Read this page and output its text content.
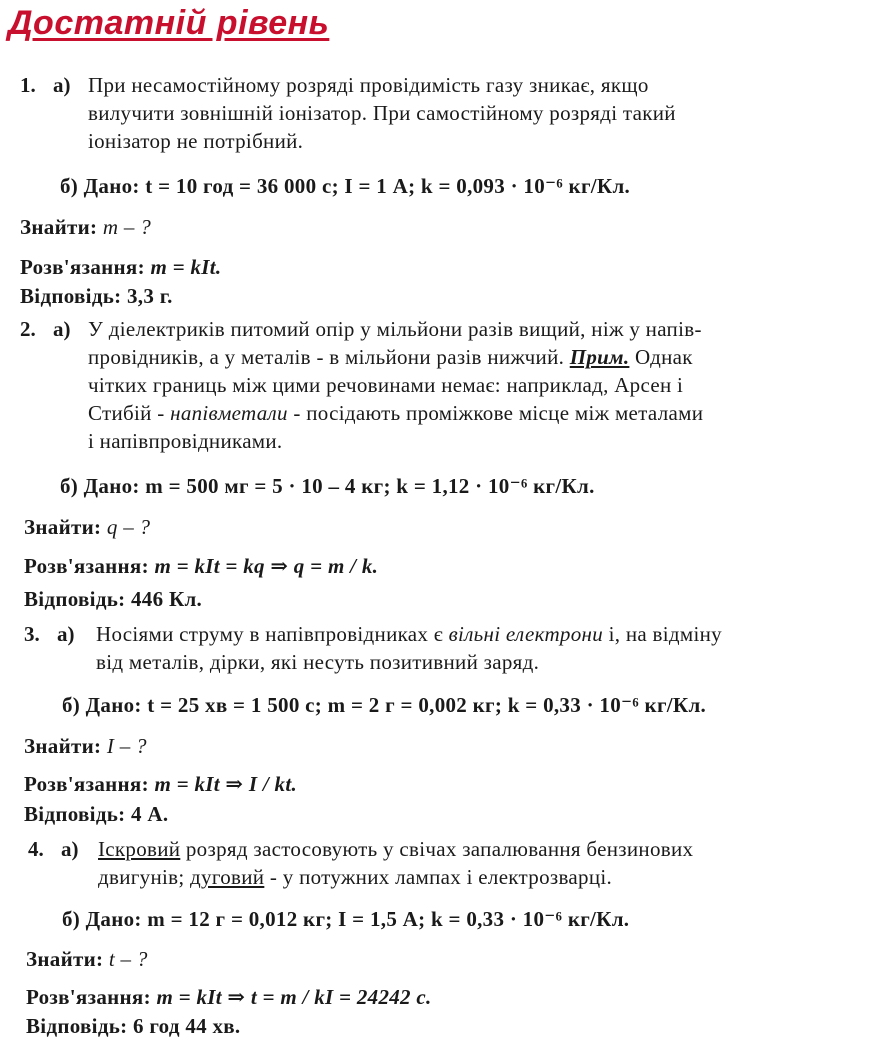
Достатній рівень
1. а) При несамостійному розряді провідимість газу зникає, якщо
вилучити зовнішній іонізатор. При самостійному розряді такий
іонізатор не потрібний.
б) Дано: t = 10 год = 36 000 с; I = 1 А; k = 0,093 · 10⁻⁶ кг/Кл.
Знайти: m – ?
Розв'язання: m = kIt.
Відповідь: 3,3 г.
2. а) У діелектриків питомий опір у мільйони разів вищий, ніж у напів-
провідників, а у металів - в мільйони разів нижчий. Прим. Однак
чітких границь між цими речовинами немає: наприклад, Арсен і
Стибій - напівметали - посідають проміжкове місце між металами
і напівпровідниками.
б) Дано: m = 500 мг = 5 · 10 – 4 кг; k = 1,12 · 10⁻⁶ кг/Кл.
Знайти: q – ?
Розв'язання: m = kIt = kq ⇒ q = m / k.
Відповідь: 446 Кл.
3. а) Носіями струму в напівпровідниках є вільні електрони і, на відміну
від металів, дірки, які несуть позитивний заряд.
б) Дано: t = 25 хв = 1 500 с; m = 2 г = 0,002 кг; k = 0,33 · 10⁻⁶ кг/Кл.
Знайти: I – ?
Розв'язання: m = kIt ⇒ I / kt.
Відповідь: 4 А.
4. а) Іскровий розряд застосовують у свічах запалювання бензинових
двигунів; дуговий - у потужних лампах і електрозварці.
б) Дано: m = 12 г = 0,012 кг; I = 1,5 А; k = 0,33 · 10⁻⁶ кг/Кл.
Знайти: t – ?
Розв'язання: m = kIt ⇒ t = m / kI = 24242 с.
Відповідь: 6 год 44 хв.
